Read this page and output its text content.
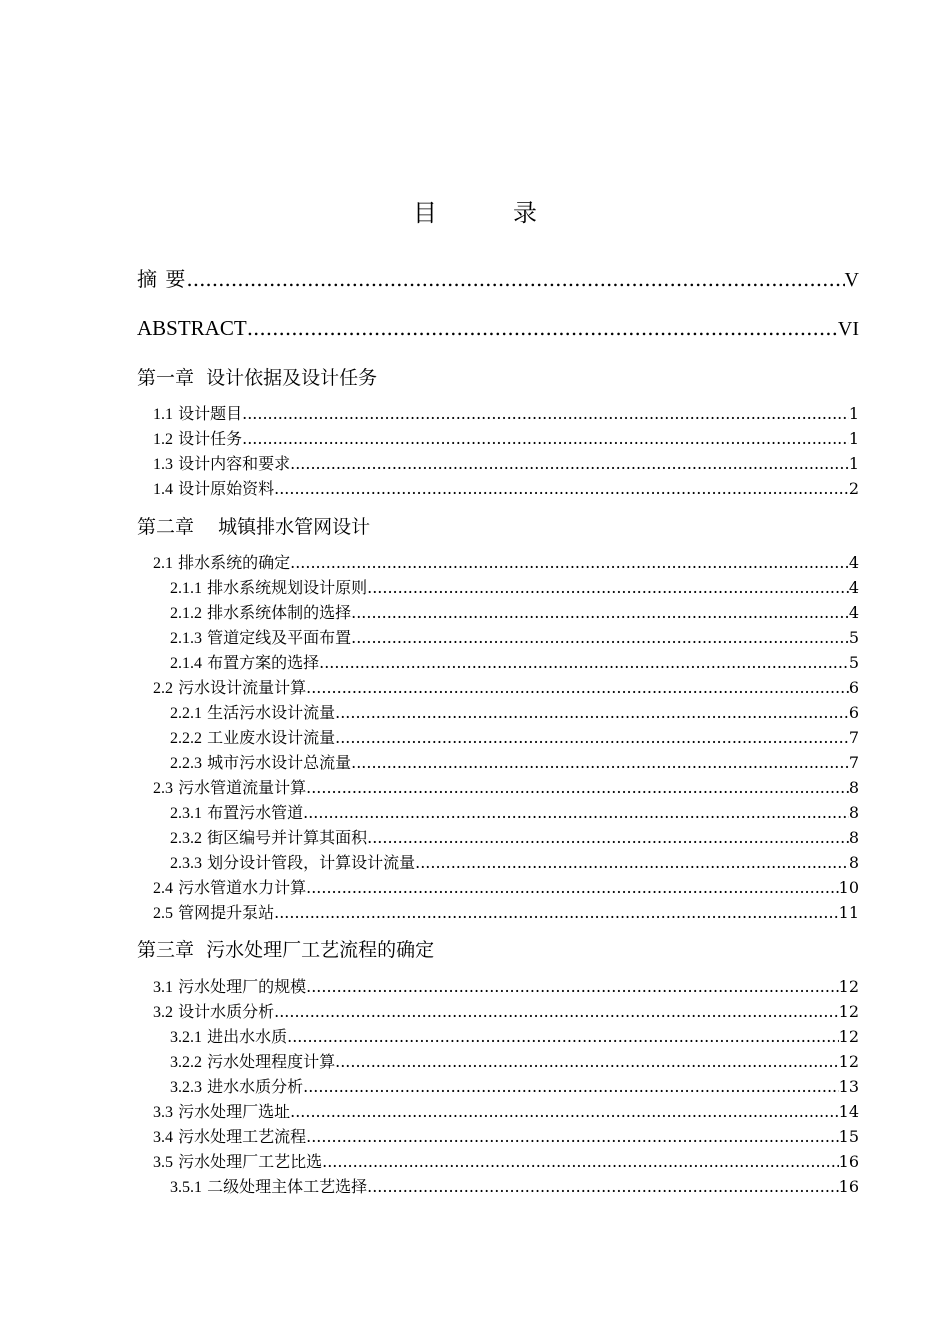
目　录
摘 要 .....	V
ABSTRACT .....	VI
第一章  设计依据及设计任务
1.1 设计题目 .....	1
1.2 设计任务 .....	1
1.3 设计内容和要求 .....	1
1.4 设计原始资料 .....	2
第二章    城镇排水管网设计
2.1 排水系统的确定 .....	4
2.1.1 排水系统规划设计原则 .....	4
2.1.2 排水系统体制的选择 .....	4
2.1.3 管道定线及平面布置 .....	5
2.1.4 布置方案的选择 .....	5
2.2 污水设计流量计算 .....	6
2.2.1 生活污水设计流量 .....	6
2.2.2 工业废水设计流量 .....	7
2.2.3 城市污水设计总流量 .....	7
2.3 污水管道流量计算 .....	8
2.3.1 布置污水管道 .....	8
2.3.2 街区编号并计算其面积 .....	8
2.3.3 划分设计管段，计算设计流量 .....	8
2.4 污水管道水力计算 .....	10
2.5 管网提升泵站 .....	11
第三章  污水处理厂工艺流程的确定
3.1 污水处理厂的规模 .....	12
3.2 设计水质分析 .....	12
3.2.1 进出水水质 .....	12
3.2.2 污水处理程度计算 .....	12
3.2.3 进水水质分析 .....	13
3.3 污水处理厂选址 .....	14
3.4 污水处理工艺流程 .....	15
3.5 污水处理厂工艺比选 .....	16
3.5.1 二级处理主体工艺选择 .....	16
